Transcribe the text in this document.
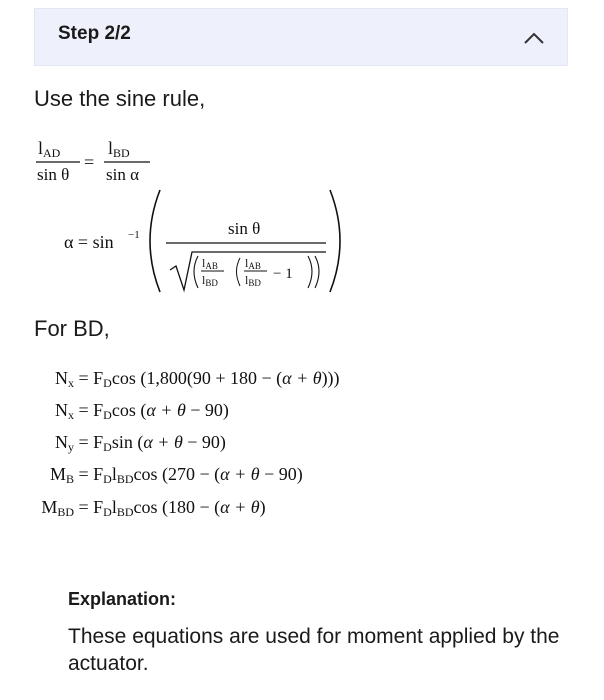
Step 2/2
Use the sine rule,
lAD
sin θ
=
lBD
sin α
α = sin −1	sin θ
lAB
lBD
lAB
lBD
− 1
For BD,
$N_x = F_D\cos$ (1,800(90 + 180 − (α + θ)))
$N_x = F_D\cos$ (α + θ − 90)
$N_y = F_D\sin$ (α + θ − 90)
$M_B = F_Dl_{BD}\cos$ (270 − (α + θ − 90)
$M_{BD} = F_Dl_{BD}\cos$ (180 − (α + θ)
Explanation:
These equations are used for moment applied by the actuator.
